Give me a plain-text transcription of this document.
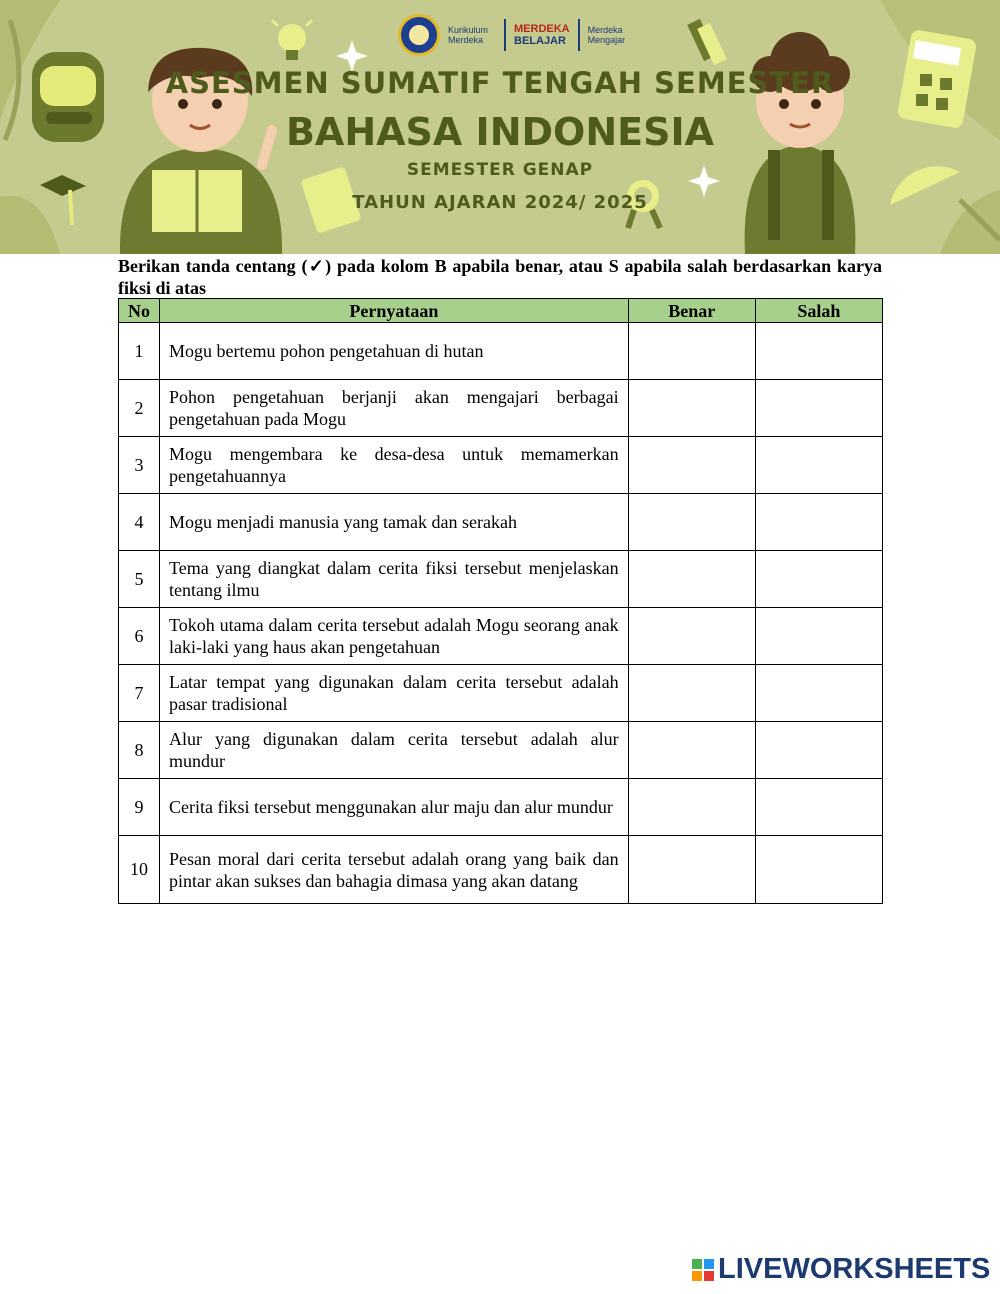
Kurikulum Merdeka
MERDEKA
BELAJAR
Merdeka Mengajar
ASESMEN SUMATIF TENGAH SEMESTER
BAHASA INDONESIA
SEMESTER GENAP
TAHUN AJARAN 2024/ 2025

Berikan tanda centang (✓) pada kolom B apabila benar, atau S apabila salah berdasarkan karya fiksi di atas

No	Pernyataan	Benar	Salah
1	Mogu bertemu pohon pengetahuan di hutan		
2	Pohon pengetahuan berjanji akan mengajari berbagai pengetahuan pada Mogu		
3	Mogu mengembara ke desa-desa untuk memamerkan pengetahuannya		
4	Mogu menjadi manusia yang tamak dan serakah		
5	Tema yang diangkat dalam cerita fiksi tersebut menjelaskan tentang ilmu		
6	Tokoh utama dalam cerita tersebut adalah Mogu seorang anak laki-laki yang haus akan pengetahuan		
7	Latar tempat yang digunakan dalam cerita tersebut adalah pasar tradisional		
8	Alur yang digunakan dalam cerita tersebut adalah alur mundur		
9	Cerita fiksi tersebut menggunakan alur maju dan alur mundur		
10	Pesan moral dari cerita tersebut adalah orang yang baik dan pintar akan sukses dan bahagia dimasa yang akan datang		
LIVEWORKSHEETS
